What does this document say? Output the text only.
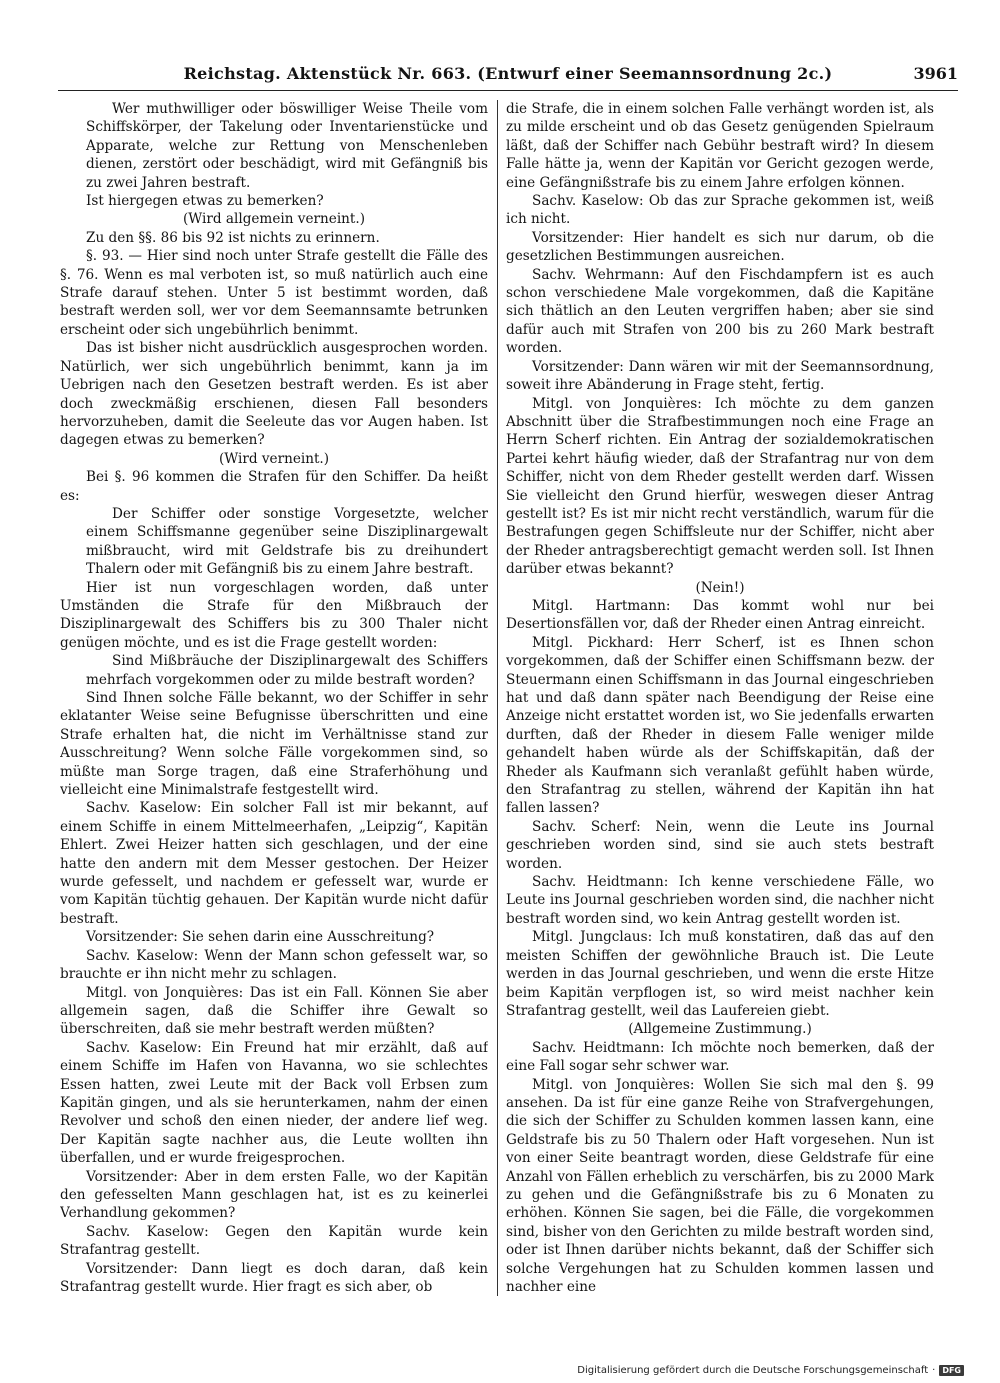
Reichstag. Aktenstück Nr. 663. (Entwurf einer Seemannsordnung 2c.)	3961

Wer muthwilliger oder böswilliger Weise Theile vom Schiffskörper, der Takelung oder Inventarienstücke und Apparate, welche zur Rettung von Menschenleben dienen, zerstört oder beschädigt, wird mit Gefängniß bis zu zwei Jahren bestraft.

Ist hiergegen etwas zu bemerken?

(Wird allgemein verneint.)

Zu den §§. 86 bis 92 ist nichts zu erinnern.

§. 93. — Hier sind noch unter Strafe gestellt die Fälle des §. 76. Wenn es mal verboten ist, so muß natürlich auch eine Strafe darauf stehen. Unter 5 ist bestimmt worden, daß bestraft werden soll, wer vor dem Seemannsamte betrunken erscheint oder sich ungebührlich benimmt.

Das ist bisher nicht ausdrücklich ausgesprochen worden. Natürlich, wer sich ungebührlich benimmt, kann ja im Uebrigen nach den Gesetzen bestraft werden. Es ist aber doch zweckmäßig erschienen, diesen Fall besonders hervorzuheben, damit die Seeleute das vor Augen haben. Ist dagegen etwas zu bemerken?

(Wird verneint.)

Bei §. 96 kommen die Strafen für den Schiffer. Da heißt es:

Der Schiffer oder sonstige Vorgesetzte, welcher einem Schiffsmanne gegenüber seine Disziplinargewalt mißbraucht, wird mit Geldstrafe bis zu dreihundert Thalern oder mit Gefängniß bis zu einem Jahre bestraft.

Hier ist nun vorgeschlagen worden, daß unter Umständen die Strafe für den Mißbrauch der Disziplinargewalt des Schiffers bis zu 300 Thaler nicht genügen möchte, und es ist die Frage gestellt worden:

Sind Mißbräuche der Disziplinargewalt des Schiffers mehrfach vorgekommen oder zu milde bestraft worden?

Sind Ihnen solche Fälle bekannt, wo der Schiffer in sehr eklatanter Weise seine Befugnisse überschritten und eine Strafe erhalten hat, die nicht im Verhältnisse stand zur Ausschreitung? Wenn solche Fälle vorgekommen sind, so müßte man Sorge tragen, daß eine Straferhöhung und vielleicht eine Minimalstrafe festgestellt wird.

Sachv. Kaselow: Ein solcher Fall ist mir bekannt, auf einem Schiffe in einem Mittelmeerhafen, „Leipzig“, Kapitän Ehlert. Zwei Heizer hatten sich geschlagen, und der eine hatte den andern mit dem Messer gestochen. Der Heizer wurde gefesselt, und nachdem er gefesselt war, wurde er vom Kapitän tüchtig gehauen. Der Kapitän wurde nicht dafür bestraft.

Vorsitzender: Sie sehen darin eine Ausschreitung?

Sachv. Kaselow: Wenn der Mann schon gefesselt war, so brauchte er ihn nicht mehr zu schlagen.

Mitgl. von Jonquières: Das ist ein Fall. Können Sie aber allgemein sagen, daß die Schiffer ihre Gewalt so überschreiten, daß sie mehr bestraft werden müßten?

Sachv. Kaselow: Ein Freund hat mir erzählt, daß auf einem Schiffe im Hafen von Havanna, wo sie schlechtes Essen hatten, zwei Leute mit der Back voll Erbsen zum Kapitän gingen, und als sie herunterkamen, nahm der einen Revolver und schoß den einen nieder, der andere lief weg. Der Kapitän sagte nachher aus, die Leute wollten ihn überfallen, und er wurde freigesprochen.

Vorsitzender: Aber in dem ersten Falle, wo der Kapitän den gefesselten Mann geschlagen hat, ist es zu keinerlei Verhandlung gekommen?

Sachv. Kaselow: Gegen den Kapitän wurde kein Strafantrag gestellt.

Vorsitzender: Dann liegt es doch daran, daß kein Strafantrag gestellt wurde. Hier fragt es sich aber, ob

die Strafe, die in einem solchen Falle verhängt worden ist, als zu milde erscheint und ob das Gesetz genügenden Spielraum läßt, daß der Schiffer nach Gebühr bestraft wird? In diesem Falle hätte ja, wenn der Kapitän vor Gericht gezogen werde, eine Gefängnißstrafe bis zu einem Jahre erfolgen können.

Sachv. Kaselow: Ob das zur Sprache gekommen ist, weiß ich nicht.

Vorsitzender: Hier handelt es sich nur darum, ob die gesetzlichen Bestimmungen ausreichen.

Sachv. Wehrmann: Auf den Fischdampfern ist es auch schon verschiedene Male vorgekommen, daß die Kapitäne sich thätlich an den Leuten vergriffen haben; aber sie sind dafür auch mit Strafen von 200 bis zu 260 Mark bestraft worden.

Vorsitzender: Dann wären wir mit der Seemannsordnung, soweit ihre Abänderung in Frage steht, fertig.

Mitgl. von Jonquières: Ich möchte zu dem ganzen Abschnitt über die Strafbestimmungen noch eine Frage an Herrn Scherf richten. Ein Antrag der sozialdemokratischen Partei kehrt häufig wieder, daß der Strafantrag nur von dem Schiffer, nicht von dem Rheder gestellt werden darf. Wissen Sie vielleicht den Grund hierfür, weswegen dieser Antrag gestellt ist? Es ist mir nicht recht verständlich, warum für die Bestrafungen gegen Schiffsleute nur der Schiffer, nicht aber der Rheder antragsberechtigt gemacht werden soll. Ist Ihnen darüber etwas bekannt?

(Nein!)

Mitgl. Hartmann: Das kommt wohl nur bei Desertionsfällen vor, daß der Rheder einen Antrag einreicht.

Mitgl. Pickhard: Herr Scherf, ist es Ihnen schon vorgekommen, daß der Schiffer einen Schiffsmann bezw. der Steuermann einen Schiffsmann in das Journal eingeschrieben hat und daß dann später nach Beendigung der Reise eine Anzeige nicht erstattet worden ist, wo Sie jedenfalls erwarten durften, daß der Rheder in diesem Falle weniger milde gehandelt haben würde als der Schiffskapitän, daß der Rheder als Kaufmann sich veranlaßt gefühlt haben würde, den Strafantrag zu stellen, während der Kapitän ihn hat fallen lassen?

Sachv. Scherf: Nein, wenn die Leute ins Journal geschrieben worden sind, sind sie auch stets bestraft worden.

Sachv. Heidtmann: Ich kenne verschiedene Fälle, wo Leute ins Journal geschrieben worden sind, die nachher nicht bestraft worden sind, wo kein Antrag gestellt worden ist.

Mitgl. Jungclaus: Ich muß konstatiren, daß das auf den meisten Schiffen der gewöhnliche Brauch ist. Die Leute werden in das Journal geschrieben, und wenn die erste Hitze beim Kapitän verpflogen ist, so wird meist nachher kein Strafantrag gestellt, weil das Laufereien giebt.

(Allgemeine Zustimmung.)

Sachv. Heidtmann: Ich möchte noch bemerken, daß der eine Fall sogar sehr schwer war.

Mitgl. von Jonquières: Wollen Sie sich mal den §. 99 ansehen. Da ist für eine ganze Reihe von Strafvergehungen, die sich der Schiffer zu Schulden kommen lassen kann, eine Geldstrafe bis zu 50 Thalern oder Haft vorgesehen. Nun ist von einer Seite beantragt worden, diese Geldstrafe für eine Anzahl von Fällen erheblich zu verschärfen, bis zu 2000 Mark zu gehen und die Gefängnißstrafe bis zu 6 Monaten zu erhöhen. Können Sie sagen, bei die Fälle, die vorgekommen sind, bisher von den Gerichten zu milde bestraft worden sind, oder ist Ihnen darüber nichts bekannt, daß der Schiffer sich solche Vergehungen hat zu Schulden kommen lassen und nachher eine

Digitalisierung gefördert durch die Deutsche Forschungsgemeinschaft · DFG
